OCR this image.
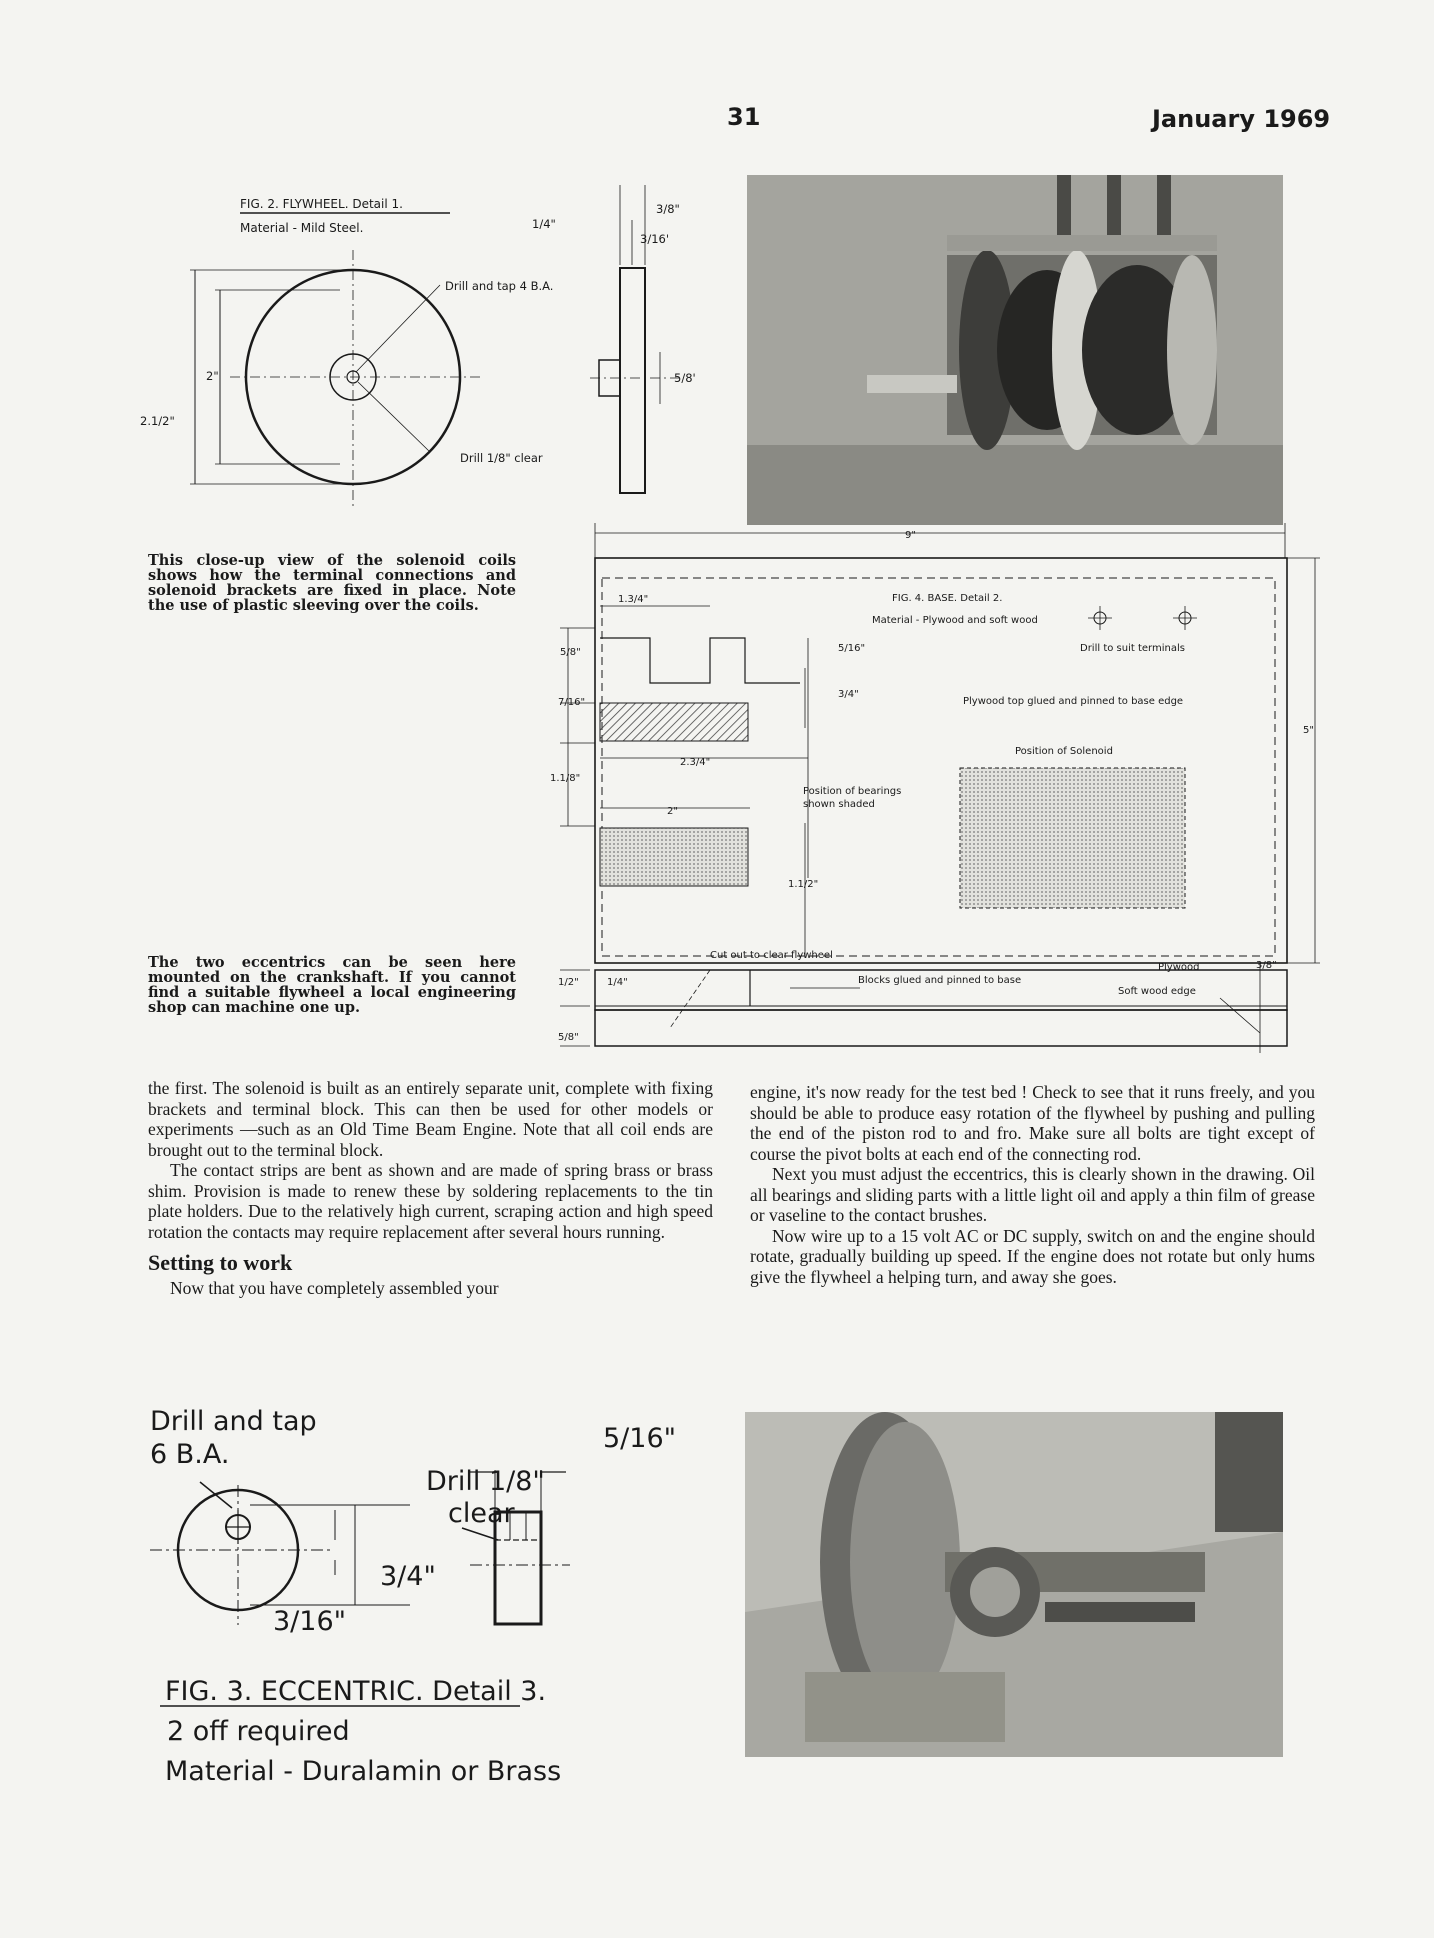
31	January 1969
FIG. 2. FLYWHEEL. Detail 1.
Material - Mild Steel.
Drill and tap 4 B.A.
Drill 1/8" clear
2"
2.1/2"
1/4"
3/8"
3/16'
5/8'
This close-up view of the solenoid coils shows how the terminal connections and solenoid brackets are fixed in place. Note the use of plastic sleeving over the coils.	FIG. 4. BASE. Detail 2.
Material - Plywood and soft wood
9"
5"
1.3/4"
5/8"
7/16"
1.1/8"
2.3/4"
2"
5/16"
3/4"
1.1/2"
Drill to suit terminals
Plywood top glued and pinned to base edge
Position of Solenoid
Position of bearings
shown shaded
Cut out to clear flywheel
Blocks glued and pinned to base
Plywood
Soft wood edge
1/2"	1/4"
5/8"
3/8"
The two eccentrics can be seen here mounted on the crankshaft. If you cannot find a suitable flywheel a local engineering shop can machine one up.

the first. The solenoid is built as an entirely separate unit, complete with fixing brackets and terminal block. This can then be used for other models or experiments —such as an Old Time Beam Engine. Note that all coil ends are brought out to the terminal block.

The contact strips are bent as shown and are made of spring brass or brass shim. Provision is made to renew these by soldering replacements to the tin plate holders. Due to the relatively high current, scraping action and high speed rotation the contacts may require replacement after several hours running.

Setting to work

Now that you have completely assembled your

engine, it's now ready for the test bed ! Check to see that it runs freely, and you should be able to produce easy rotation of the flywheel by pushing and pulling the end of the piston rod to and fro. Make sure all bolts are tight except of course the pivot bolts at each end of the connecting rod.

Next you must adjust the eccentrics, this is clearly shown in the drawing. Oil all bearings and sliding parts with a little light oil and apply a thin film of grease or vaseline to the contact brushes.

Now wire up to a 15 volt AC or DC supply, switch on and the engine should rotate, gradually building up speed. If the engine does not rotate but only hums give the flywheel a helping turn, and away she goes.

Drill and tap
6 B.A.
Drill 1/8"
clear
5/16"
3/4"
3/16"
FIG. 3. ECCENTRIC. Detail 3.
2 off required
Material - Duralamin or Brass
